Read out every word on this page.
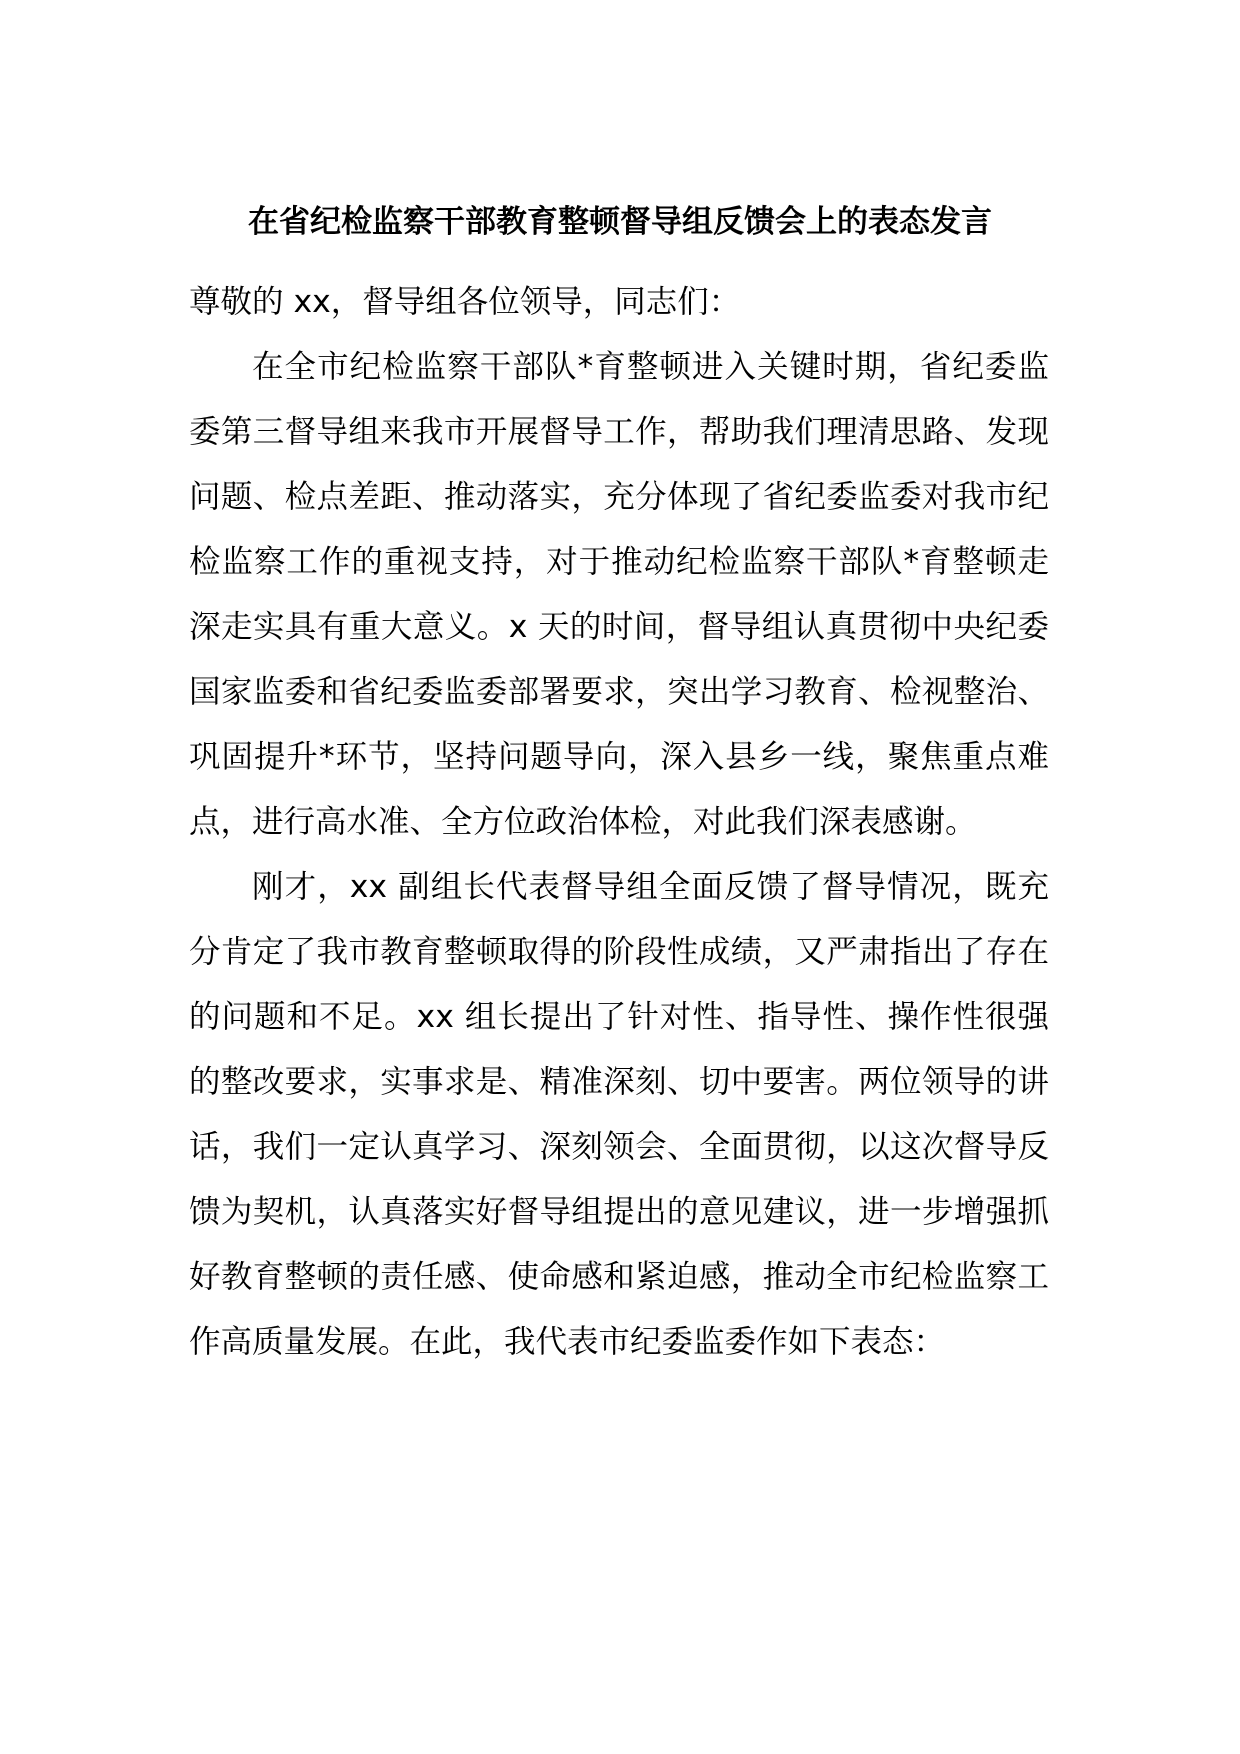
在省纪检监察干部教育整顿督导组反馈会上的表态发言

尊敬的 xx，督导组各位领导，同志们：

在全市纪检监察干部队*育整顿进入关键时期，省纪委监委第三督导组来我市开展督导工作，帮助我们理清思路、发现问题、检点差距、推动落实，充分体现了省纪委监委对我市纪检监察工作的重视支持，对于推动纪检监察干部队*育整顿走深走实具有重大意义。x 天的时间，督导组认真贯彻中央纪委国家监委和省纪委监委部署要求，突出学习教育、检视整治、巩固提升*环节，坚持问题导向，深入县乡一线，聚焦重点难点，进行高水准、全方位政治体检，对此我们深表感谢。

刚才，xx 副组长代表督导组全面反馈了督导情况，既充分肯定了我市教育整顿取得的阶段性成绩，又严肃指出了存在的问题和不足。xx 组长提出了针对性、指导性、操作性很强的整改要求，实事求是、精准深刻、切中要害。两位领导的讲话，我们一定认真学习、深刻领会、全面贯彻，以这次督导反馈为契机，认真落实好督导组提出的意见建议，进一步增强抓好教育整顿的责任感、使命感和紧迫感，推动全市纪检监察工作高质量发展。在此，我代表市纪委监委作如下表态：
